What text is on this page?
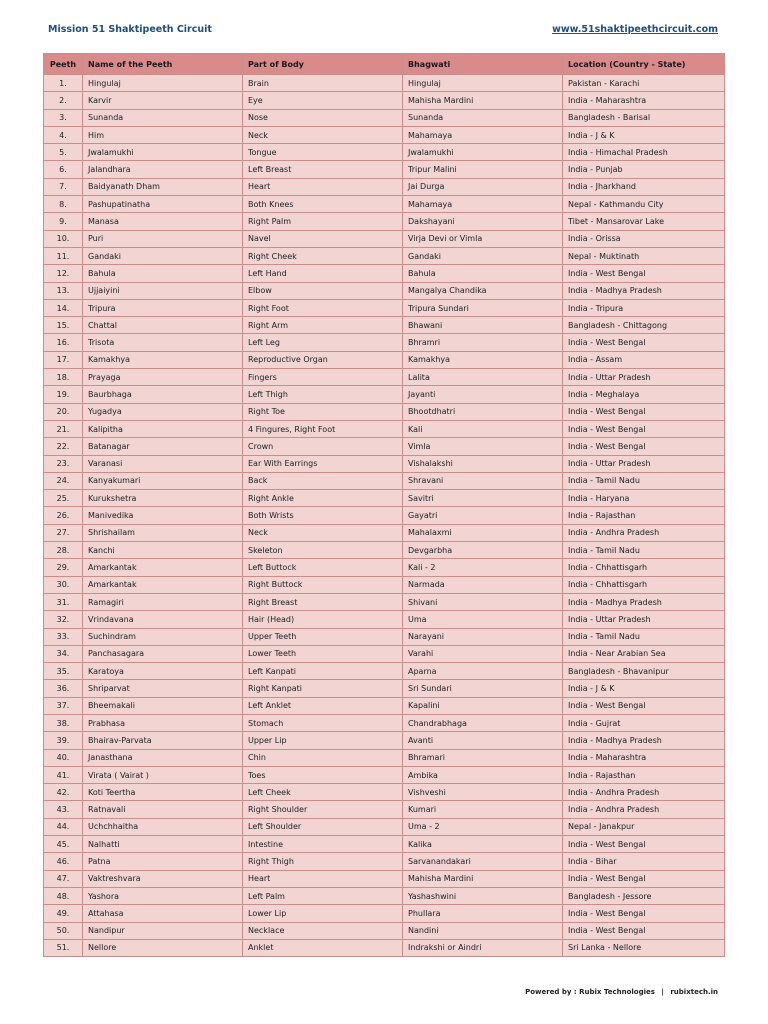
Mission 51 Shaktipeeth Circuit	www.51shaktipeethcircuit.com
Peeth	Name of the Peeth	Part of Body	Bhagwati	Location (Country - State)
1.	Hingulaj	Brain	Hingulaj	Pakistan - Karachi
2.	Karvir	Eye	Mahisha Mardini	India - Maharashtra
3.	Sunanda	Nose	Sunanda	Bangladesh - Barisal
4.	Him	Neck	Mahamaya	India - J & K
5.	Jwalamukhi	Tongue	Jwalamukhi	India - Himachal Pradesh
6.	Jalandhara	Left Breast	Tripur Malini	India - Punjab
7.	Baidyanath Dham	Heart	Jai Durga	India - Jharkhand
8.	Pashupatinatha	Both Knees	Mahamaya	Nepal - Kathmandu City
9.	Manasa	Right Palm	Dakshayani	Tibet - Mansarovar Lake
10.	Puri	Navel	Virja Devi or Vimla	India - Orissa
11.	Gandaki	Right Cheek	Gandaki	Nepal - Muktinath
12.	Bahula	Left Hand	Bahula	India - West Bengal
13.	Ujjaiyini	Elbow	Mangalya Chandika	India - Madhya Pradesh
14.	Tripura	Right Foot	Tripura Sundari	India - Tripura
15.	Chattal	Right Arm	Bhawani	Bangladesh - Chittagong
16.	Trisota	Left Leg	Bhramri	India - West Bengal
17.	Kamakhya	Reproductive Organ	Kamakhya	India - Assam
18.	Prayaga	Fingers	Lalita	India - Uttar Pradesh
19.	Baurbhaga	Left Thigh	Jayanti	India - Meghalaya
20.	Yugadya	Right Toe	Bhootdhatri	India - West Bengal
21.	Kalipitha	4 Fingures, Right Foot	Kali	India - West Bengal
22.	Batanagar	Crown	Vimla	India - West Bengal
23.	Varanasi	Ear With Earrings	Vishalakshi	India - Uttar Pradesh
24.	Kanyakumari	Back	Shravani	India - Tamil Nadu
25.	Kurukshetra	Right Ankle	Savitri	India - Haryana
26.	Manivedika	Both Wrists	Gayatri	India - Rajasthan
27.	Shrishailam	Neck	Mahalaxmi	India - Andhra Pradesh
28.	Kanchi	Skeleton	Devgarbha	India - Tamil Nadu
29.	Amarkantak	Left Buttock	Kali - 2	India - Chhattisgarh
30.	Amarkantak	Right Buttock	Narmada	India - Chhattisgarh
31.	Ramagiri	Right Breast	Shivani	India - Madhya Pradesh
32.	Vrindavana	Hair (Head)	Uma	India - Uttar Pradesh
33.	Suchindram	Upper Teeth	Narayani	India - Tamil Nadu
34.	Panchasagara	Lower Teeth	Varahi	India - Near Arabian Sea
35.	Karatoya	Left Kanpati	Aparna	Bangladesh - Bhavanipur
36.	Shriparvat	Right Kanpati	Sri Sundari	India - J & K
37.	Bheemakali	Left Anklet	Kapalini	India - West Bengal
38.	Prabhasa	Stomach	Chandrabhaga	India - Gujrat
39.	Bhairav-Parvata	Upper Lip	Avanti	India - Madhya Pradesh
40.	Janasthana	Chin	Bhramari	India - Maharashtra
41.	Virata ( Vairat )	Toes	Ambika	India - Rajasthan
42.	Koti Teertha	Left Cheek	Vishveshi	India - Andhra Pradesh
43.	Ratnavali	Right Shoulder	Kumari	India - Andhra Pradesh
44.	Uchchhaitha	Left Shoulder	Uma - 2	Nepal - Janakpur
45.	Nalhatti	Intestine	Kalika	India - West Bengal
46.	Patna	Right Thigh	Sarvanandakari	India - Bihar
47.	Vaktreshvara	Heart	Mahisha Mardini	India - West Bengal
48.	Yashora	Left Palm	Yashashwini	Bangladesh - Jessore
49.	Attahasa	Lower Lip	Phullara	India - West Bengal
50.	Nandipur	Necklace	Nandini	India - West Bengal
51.	Nellore	Anklet	Indrakshi or Aindri	Sri Lanka - Nellore
Powered by : Rubix Technologies | rubixtech.in
